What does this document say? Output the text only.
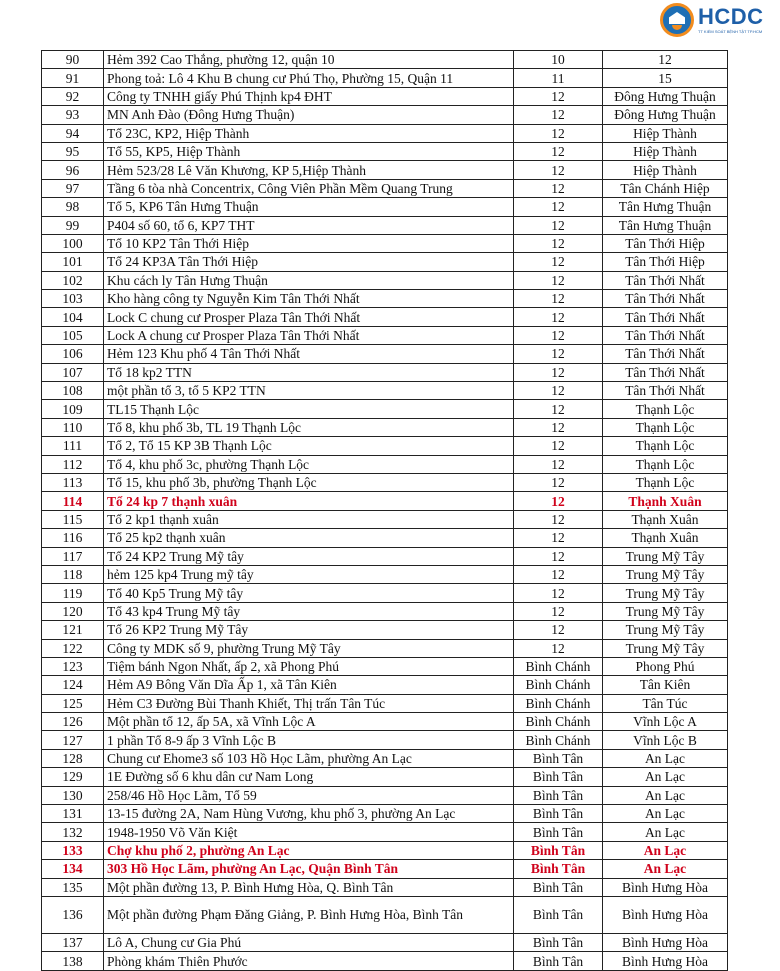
HCDC
TT KIỂM SOÁT BỆNH TẬT TP.HCM
90	Hẻm 392 Cao Thắng, phường 12, quận 10	10	12
91	Phong toả: Lô 4 Khu B chung cư Phú Thọ, Phường 15, Quận 11	11	15
92	Công ty TNHH giấy Phú Thịnh kp4 ĐHT	12	Đông Hưng Thuận
93	MN Anh Đào (Đông Hưng Thuận)	12	Đông Hưng Thuận
94	Tổ 23C, KP2, Hiệp Thành	12	Hiệp Thành
95	Tổ 55, KP5, Hiệp Thành	12	Hiệp Thành
96	Hẻm 523/28 Lê Văn Khương, KP 5,Hiệp Thành	12	Hiệp Thành
97	Tầng 6 tòa nhà Concentrix, Công Viên Phần Mềm Quang Trung	12	Tân Chánh Hiệp
98	Tổ 5, KP6 Tân Hưng Thuận	12	Tân Hưng Thuận
99	P404 số 60, tổ 6, KP7 THT	12	Tân Hưng Thuận
100	Tổ 10 KP2 Tân Thới Hiệp	12	Tân Thới Hiệp
101	Tổ 24 KP3A Tân Thới Hiệp	12	Tân Thới Hiệp
102	Khu cách ly Tân Hưng Thuận	12	Tân Thới Nhất
103	Kho hàng công ty Nguyễn Kim Tân Thới Nhất	12	Tân Thới Nhất
104	Lock C chung cư Prosper Plaza Tân Thới Nhất	12	Tân Thới Nhất
105	Lock A chung cư Prosper Plaza Tân Thới Nhất	12	Tân Thới Nhất
106	Hẻm 123 Khu phố 4 Tân Thới Nhất	12	Tân Thới Nhất
107	Tổ 18 kp2 TTN	12	Tân Thới Nhất
108	một phần tổ 3, tổ 5 KP2 TTN	12	Tân Thới Nhất
109	TL15 Thạnh Lộc	12	Thạnh Lộc
110	Tổ 8, khu phố 3b, TL 19 Thạnh Lộc	12	Thạnh Lộc
111	Tổ 2, Tổ 15 KP 3B Thạnh Lộc	12	Thạnh Lộc
112	Tổ 4, khu phố 3c, phường Thạnh Lộc	12	Thạnh Lộc
113	Tổ 15, khu phố 3b, phường Thạnh Lộc	12	Thạnh Lộc
114	Tổ 24 kp 7 thạnh xuân	12	Thạnh Xuân
115	Tổ 2 kp1 thạnh xuân	12	Thạnh Xuân
116	Tổ 25 kp2 thạnh xuân	12	Thạnh Xuân
117	Tổ 24 KP2 Trung Mỹ tây	12	Trung Mỹ Tây
118	hẻm 125 kp4 Trung mỹ tây	12	Trung Mỹ Tây
119	Tổ 40 Kp5 Trung Mỹ tây	12	Trung Mỹ Tây
120	Tổ 43 kp4 Trung Mỹ tây	12	Trung Mỹ Tây
121	Tổ 26 KP2 Trung Mỹ Tây	12	Trung Mỹ Tây
122	Công ty MDK số 9, phường Trung Mỹ Tây	12	Trung Mỹ Tây
123	Tiệm bánh Ngon Nhất, ấp 2, xã Phong Phú	Bình Chánh	Phong Phú
124	Hẻm A9 Bông Văn Dĩa Ấp 1, xã Tân Kiên	Bình Chánh	Tân Kiên
125	Hẻm C3 Đường Bùi Thanh Khiết, Thị trấn Tân Túc	Bình Chánh	Tân Túc
126	Một phần tổ 12, ấp 5A, xã Vĩnh Lộc A	Bình Chánh	Vĩnh Lộc A
127	1 phần Tổ 8-9 ấp 3 Vĩnh Lộc B	Bình Chánh	Vĩnh Lộc B
128	Chung cư Ehome3 số 103 Hồ Học Lãm, phường An Lạc	Bình Tân	An Lạc
129	1E Đường số 6 khu dân cư Nam Long	Bình Tân	An Lạc
130	258/46 Hồ Học Lãm, Tổ 59	Bình Tân	An Lạc
131	13-15 đường 2A, Nam Hùng Vương, khu phố 3, phường An Lạc	Bình Tân	An Lạc
132	1948-1950 Võ Văn Kiệt	Bình Tân	An Lạc
133	Chợ khu phố 2, phường An Lạc	Bình Tân	An Lạc
134	303 Hồ Học Lãm, phường An Lạc, Quận Bình Tân	Bình Tân	An Lạc
135	Một phần đường 13, P. Bình Hưng Hòa, Q. Bình Tân	Bình Tân	Bình Hưng Hòa
136	Một phần đường Phạm Đăng Giảng, P. Bình Hưng Hòa, Bình Tân	Bình Tân	Bình Hưng Hòa
137	Lô A, Chung cư Gia Phú	Bình Tân	Bình Hưng Hòa
138	Phòng khám Thiên Phước	Bình Tân	Bình Hưng Hòa
